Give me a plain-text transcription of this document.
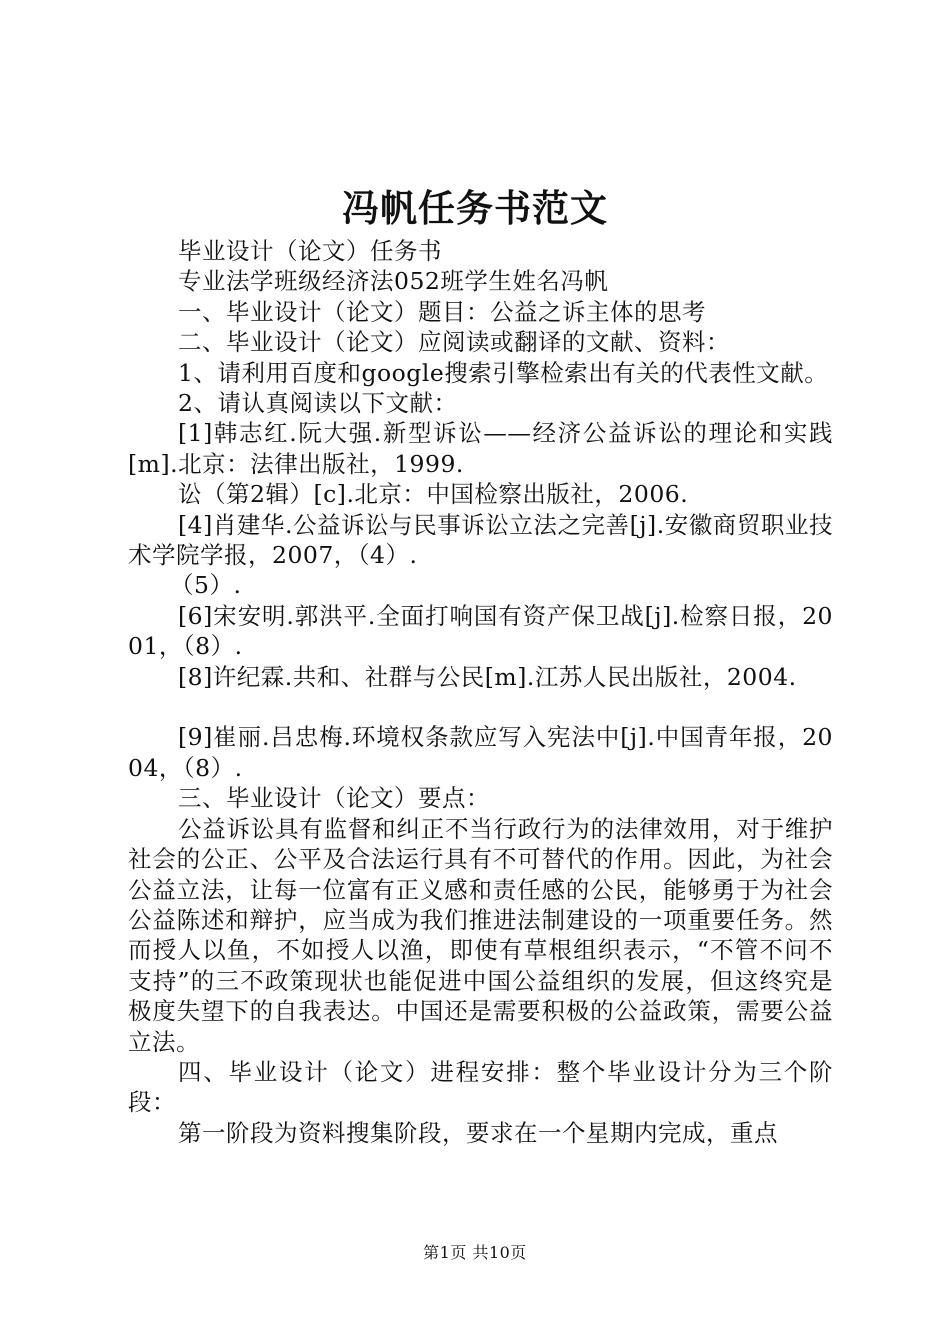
冯帆任务书范文

毕业设计（论文）任务书

专业法学班级经济法052班学生姓名冯帆

一、毕业设计（论文）题目：公益之诉主体的思考

二、毕业设计（论文）应阅读或翻译的文献、资料：

1、请利用百度和google搜索引擎检索出有关的代表性文献。

2、请认真阅读以下文献：

[1]韩志红.阮大强.新型诉讼——经济公益诉讼的理论和实践[m].北京：法律出版社，1999.

讼（第2辑）[c].北京：中国检察出版社，2006.

[4]肖建华.公益诉讼与民事诉讼立法之完善[j].安徽商贸职业技术学院学报，2007，（4）.

（5）.

[6]宋安明.郭洪平.全面打响国有资产保卫战[j].检察日报，2001，（8）.

[8]许纪霖.共和、社群与公民[m].江苏人民出版社，2004.

[9]崔丽.吕忠梅.环境权条款应写入宪法中[j].中国青年报，2004，（8）.

三、毕业设计（论文）要点：

公益诉讼具有监督和纠正不当行政行为的法律效用，对于维护社会的公正、公平及合法运行具有不可替代的作用。因此，为社会公益立法，让每一位富有正义感和责任感的公民，能够勇于为社会公益陈述和辩护，应当成为我们推进法制建设的一项重要任务。然而授人以鱼，不如授人以渔，即使有草根组织表示，“不管不问不支持”的三不政策现状也能促进中国公益组织的发展，但这终究是极度失望下的自我表达。中国还是需要积极的公益政策，需要公益立法。

四、毕业设计（论文）进程安排：整个毕业设计分为三个阶段：

第一阶段为资料搜集阶段，要求在一个星期内完成，重点

第1页 共10页
